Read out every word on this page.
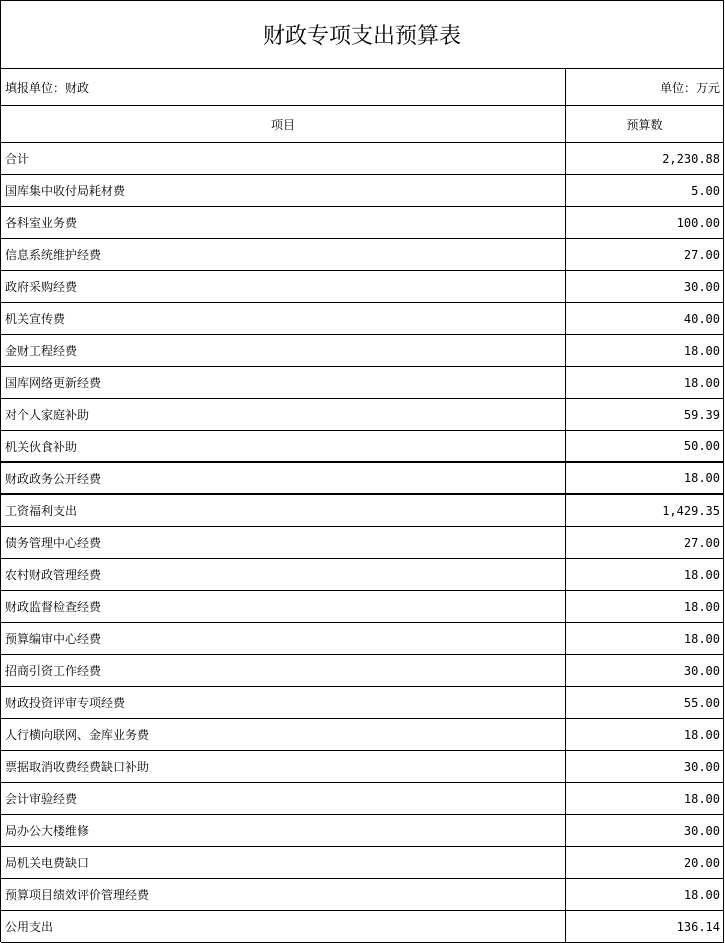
财政专项支出预算表
填报单位：财政	单位：万元
项目	预算数
合计	2,230.88
国库集中收付局耗材费	5.00
各科室业务费	100.00
信息系统维护经费	27.00
政府采购经费	30.00
机关宣传费	40.00
金财工程经费	18.00
国库网络更新经费	18.00
对个人家庭补助	59.39
机关伙食补助	50.00
财政政务公开经费	18.00
工资福利支出	1,429.35
债务管理中心经费	27.00
农村财政管理经费	18.00
财政监督检查经费	18.00
预算编审中心经费	18.00
招商引资工作经费	30.00
财政投资评审专项经费	55.00
人行横向联网、金库业务费	18.00
票据取消收费经费缺口补助	30.00
会计审验经费	18.00
局办公大楼维修	30.00
局机关电费缺口	20.00
预算项目绩效评价管理经费	18.00
公用支出	136.14
